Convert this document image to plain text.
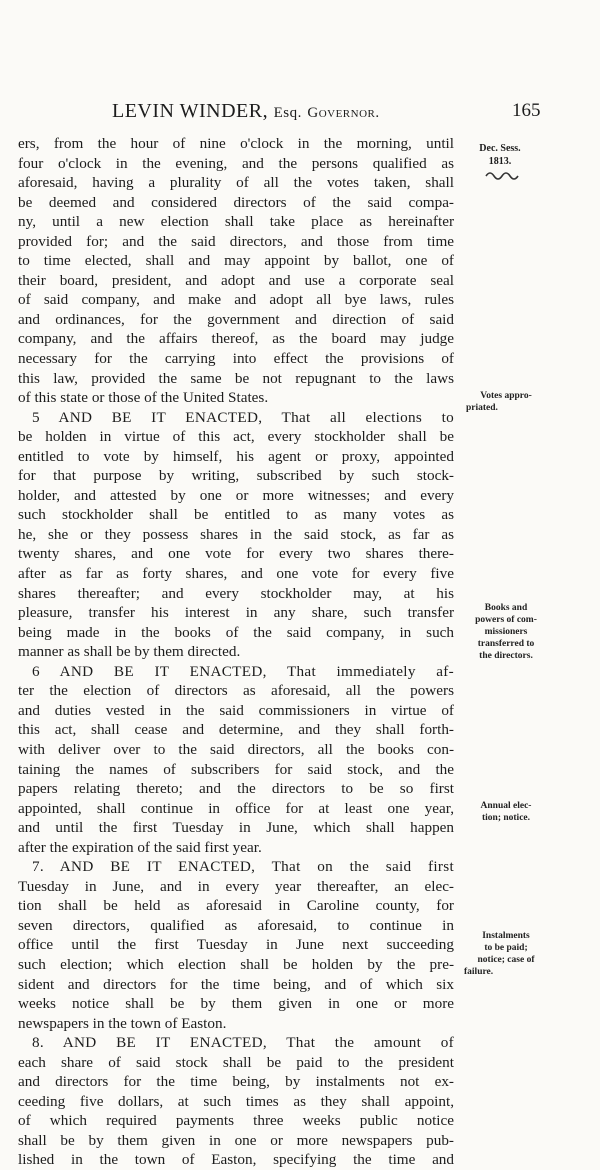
LEVIN WINDER, Esq. Governor.	165
Dec. Sess.
1813.
ers, from the hour of nine o'clock in the morning, until
four o'clock in the evening, and the persons qualified as
aforesaid, having a plurality of all the votes taken, shall
be deemed and considered directors of the said compa-
ny, until a new election shall take place as hereinafter
provided for; and the said directors, and those from time
to time elected, shall and may appoint by ballot, one of
their board, president, and adopt and use a corporate seal
of said company, and make and adopt all bye laws, rules
and ordinances, for the government and direction of said
company, and the affairs thereof, as the board may judge
necessary for the carrying into effect the provisions of
this law, provided the same be not repugnant to the laws
of this state or those of the United States.
5 AND BE IT ENACTED, That all elections to
be holden in virtue of this act, every stockholder shall be
entitled to vote by himself, his agent or proxy, appointed
for that purpose by writing, subscribed by such stock-
holder, and attested by one or more witnesses; and every
such stockholder shall be entitled to as many votes as
he, she or they possess shares in the said stock, as far as
twenty shares, and one vote for every two shares there-
after as far as forty shares, and one vote for every five
shares thereafter; and every stockholder may, at his
pleasure, transfer his interest in any share, such transfer
being made in the books of the said company, in such
manner as shall be by them directed.
6 AND BE IT ENACTED, That immediately af-
ter the election of directors as aforesaid, all the powers
and duties vested in the said commissioners in virtue of
this act, shall cease and determine, and they shall forth-
with deliver over to the said directors, all the books con-
taining the names of subscribers for said stock, and the
papers relating thereto; and the directors to be so first
appointed, shall continue in office for at least one year,
and until the first Tuesday in June, which shall happen
after the expiration of the said first year.
7. AND BE IT ENACTED, That on the said first
Tuesday in June, and in every year thereafter, an elec-
tion shall be held as aforesaid in Caroline county, for
seven directors, qualified as aforesaid, to continue in
office until the first Tuesday in June next succeeding
such election; which election shall be holden by the pre-
sident and directors for the time being, and of which six
weeks notice shall be by them given in one or more
newspapers in the town of Easton.
8. AND BE IT ENACTED, That the amount of
each share of said stock shall be paid to the president
and directors for the time being, by instalments not ex-
ceeding five dollars, at such times as they shall appoint,
of which required payments three weeks public notice
shall be by them given in one or more newspapers pub-
lished in the town of Easton, specifying the time and
Votes appro-
priated.
Books and
powers of com-
missioners
transferred to
the directors.
Annual elec-
tion; notice.
Instalments
to be paid;
notice; case of
failure.
